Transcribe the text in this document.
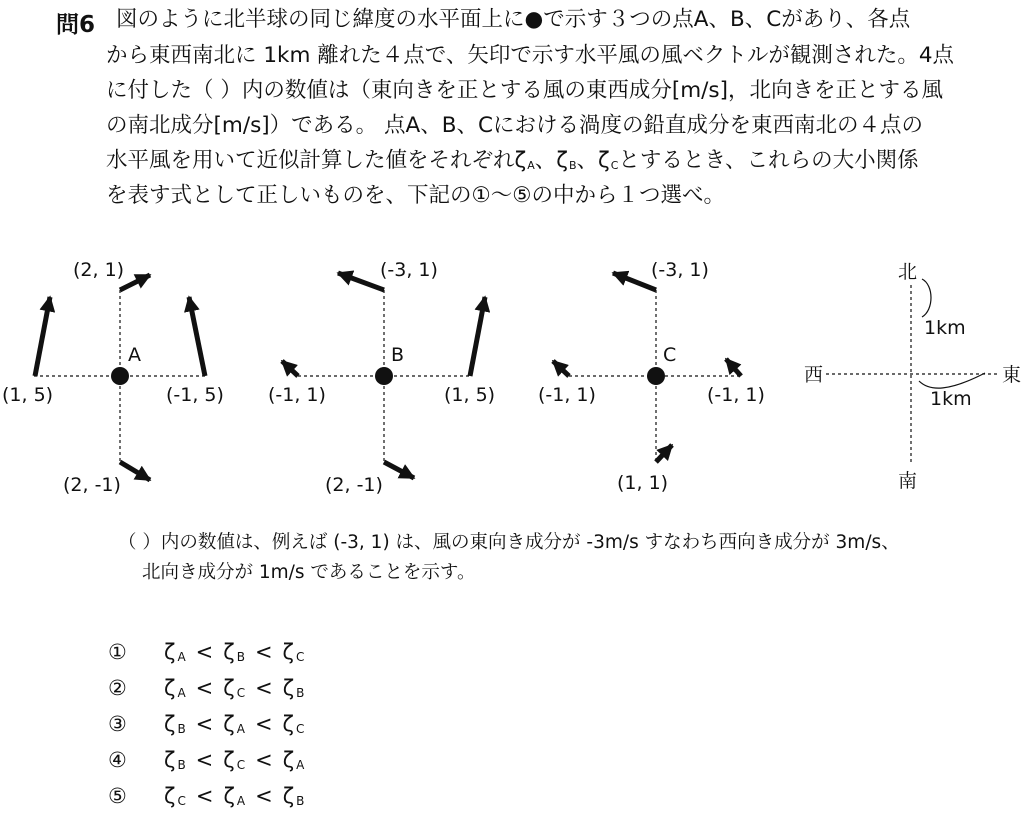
問6 図のように北半球の同じ緯度の水平面上に●で示す３つの点A、B、Cがあり、各点
から東西南北に 1km 離れた４点で、矢印で示す水平風の風ベクトルが観測された。4点
に付した（ ）内の数値は（東向きを正とする風の東西成分[m/s]，北向きを正とする風
の南北成分[m/s]）である。 点A、B、Cにおける渦度の鉛直成分を東西南北の４点の
水平風を用いて近似計算した値をそれぞれ$\zeta_A$、$\zeta_B$、$\zeta_C$とするとき、これらの大小関係
を表す式として正しいものを、下記の①〜⑤の中から１つ選べ。
A
(2, 1)
(1, 5)	(-1, 5)
(2, -1)
B
(-3, 1)
(-1, 1)	(1, 5)
(2, -1)
C
(-3, 1)
(-1, 1)	(-1, 1)
(1, 1)
北
南
西	東
1km
1km
（ ）内の数値は、例えば (-3, 1) は、風の東向き成分が -3m/s すなわち西向き成分が 3m/s、
北向き成分が 1m/s であることを示す。
①	ζ $_A$ < ζ $_B$ < ζ $_C$
②	ζ $_A$ < ζ $_C$ < ζ $_B$
③	ζ $_B$ < ζ $_A$ < ζ $_C$
④	ζ $_B$ < ζ $_C$ < ζ $_A$
⑤	ζ $_C$ < ζ $_A$ < ζ $_B$
